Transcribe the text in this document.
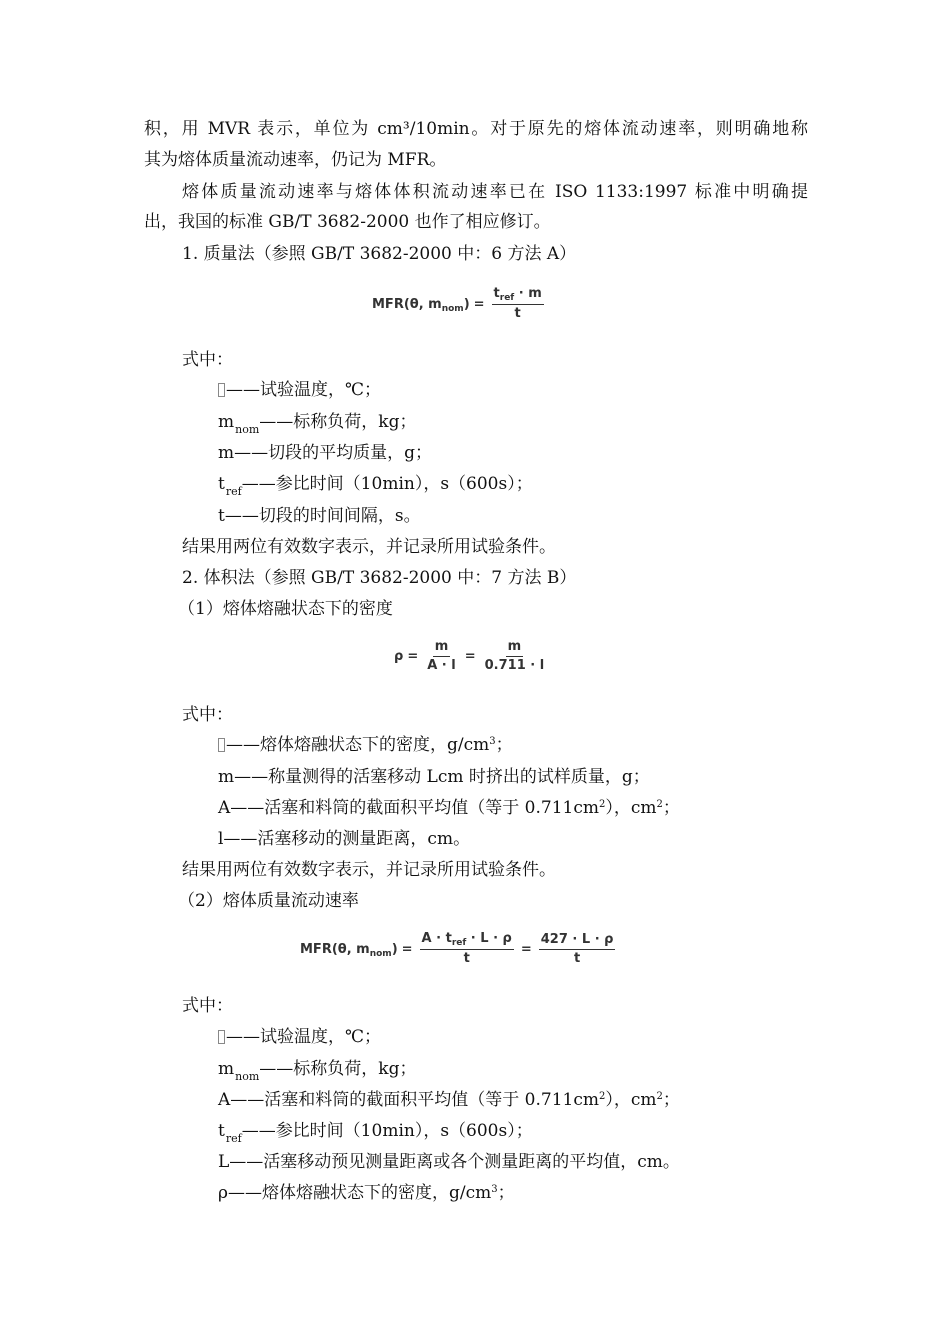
积，用 MVR 表示，单位为 cm³/10min。对于原先的熔体流动速率，则明确地称
其为熔体质量流动速率，仍记为 MFR。
熔体质量流动速率与熔体体积流动速率已在 ISO 1133:1997 标准中明确提
出，我国的标准 GB/T 3682-2000 也作了相应修订。
1. 质量法（参照 GB/T 3682-2000 中：6 方法 A）
MFR(θ, $m_{nom}) = \frac{t_{ref} \cdot m}{t}$
式中：
——试验温度，℃；
$m_{nom}——$标称负荷，kg；
m——切段的平均质量，g；
$t_{ref}——$参比时间（10min），s（600s）；
t——切段的时间间隔，s。
结果用两位有效数字表示，并记录所用试验条件。
2. 体积法（参照 GB/T 3682-2000 中：7 方法 B）
（1）熔体熔融状态下的密度
$\rho = \frac{m}{A \cdot l} = \frac{m}{0.711 \cdot l}$
式中：
——熔体熔融状态下的密度，$g/cm^3$；
m——称量测得的活塞移动 Lcm 时挤出的试样质量，g；
A——活塞和料筒的截面积平均值（等于 $0.711cm^2$），$cm^2$；
l——活塞移动的测量距离，cm。
结果用两位有效数字表示，并记录所用试验条件。
（2）熔体质量流动速率
MFR(θ, $m_{nom}) = \frac{A \cdot t_{ref} \cdot L \cdot \rho}{t} = \frac{427 \cdot L \cdot \rho}{t}$
式中：
——试验温度，℃；
$m_{nom}——$标称负荷，kg；
A——活塞和料筒的截面积平均值（等于 $0.711cm^2$），$cm^2$；
$t_{ref}——$参比时间（10min），s（600s）；
L——活塞移动预见测量距离或各个测量距离的平均值，cm。
ρ——熔体熔融状态下的密度，$g/cm^3$；
